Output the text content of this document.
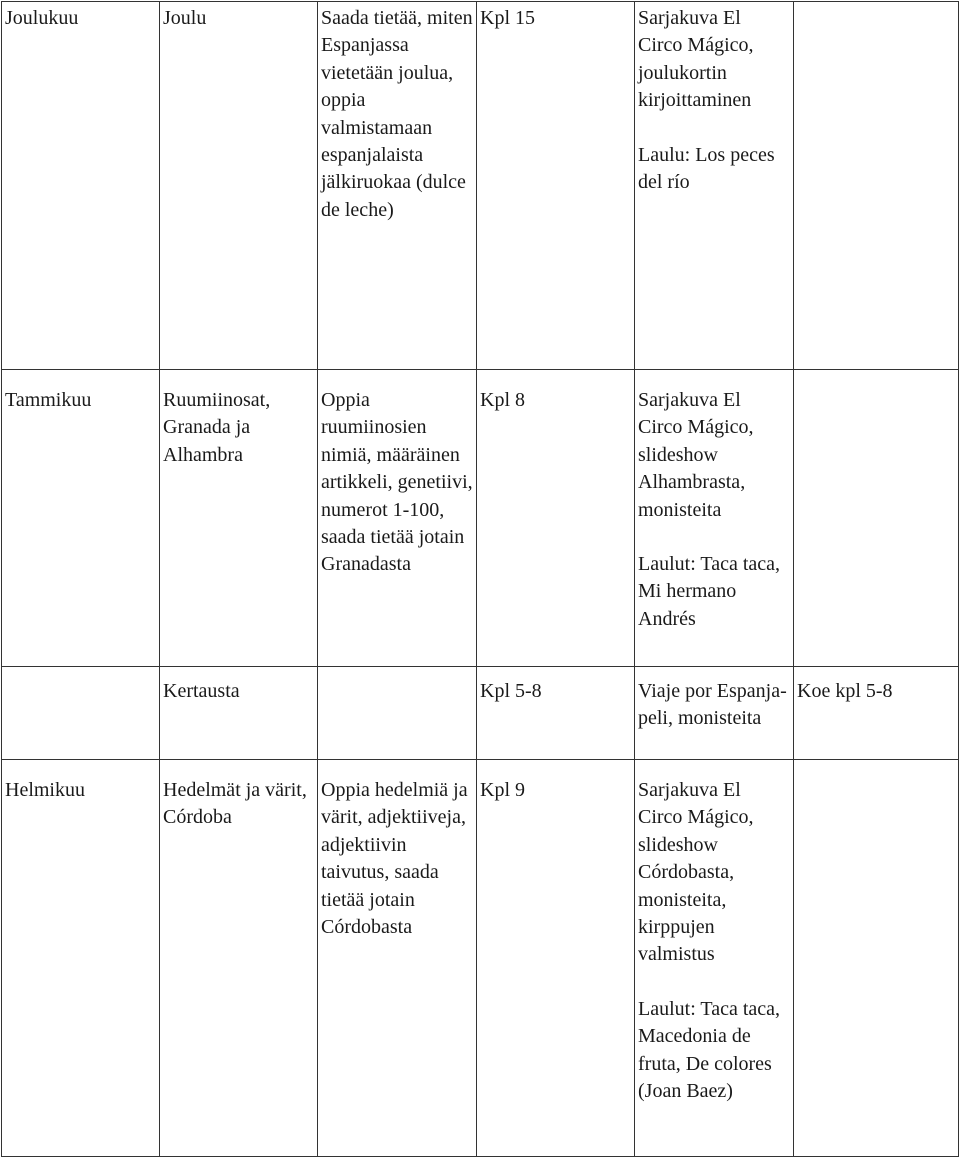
Joulukuu	Joulu	Saada tietää, miten Espanjassa vietetään joulua, oppia valmistamaan espanjalaista jälkiruokaa (dulce de leche)	Kpl 15	Sarjakuva El Circo Mágico, joulukortin kirjoittaminen
Laulu: Los peces del río	

Tammikuu	Ruumiinosat, Granada ja Alhambra	Oppia ruumiinosien nimiä, määräinen artikkeli, genetiivi, numerot 1-100, saada tietää jotain Granadasta	Kpl 8	Sarjakuva El Circo Mágico, slideshow Alhambrasta, monisteita
Laulut: Taca taca, Mi hermano Andrés	

	Kertausta		Kpl 5-8	Viaje por Espanja-peli, monisteita	Koe kpl 5-8

Helmikuu	Hedelmät ja värit, Córdoba	Oppia hedelmiä ja värit, adjektiiveja, adjektiivin taivutus, saada tietää jotain Córdobasta	Kpl 9	Sarjakuva El Circo Mágico, slideshow Córdobasta, monisteita, kirppujen valmistus
Laulut: Taca taca, Macedonia de fruta, De colores (Joan Baez)	
